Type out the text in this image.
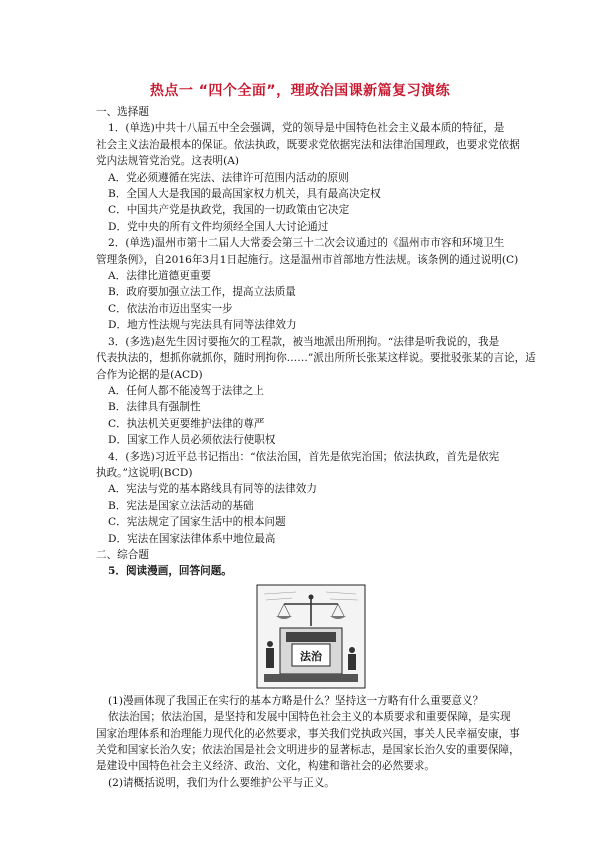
热点一 “四个全面”，理政治国课新篇复习演练
一、选择题
1．(单选)中共十八届五中全会强调，党的领导是中国特色社会主义最本质的特征，是
社会主义法治最根本的保证。依法执政，既要求党依据宪法和法律治国理政，也要求党依据
党内法规管党治党。这表明(A)
A．党必须遵循在宪法、法律许可范围内活动的原则
B．全国人大是我国的最高国家权力机关，具有最高决定权
C．中国共产党是执政党，我国的一切政策由它决定
D．党中央的所有文件均须经全国人大讨论通过
2．(单选)温州市第十二届人大常委会第三十二次会议通过的《温州市市容和环境卫生
管理条例》，自2016年3月1日起施行。这是温州市首部地方性法规。该条例的通过说明(C)
A．法律比道德更重要
B．政府要加强立法工作，提高立法质量
C．依法治市迈出坚实一步
D．地方性法规与宪法具有同等法律效力
3．(多选)赵先生因讨要拖欠的工程款，被当地派出所刑拘。“法律是听我说的，我是
代表执法的，想抓你就抓你，随时刑拘你……”派出所所长张某这样说。要批驳张某的言论，适
合作为论据的是(ACD)
A．任何人都不能凌驾于法律之上
B．法律具有强制性
C．执法机关更要维护法律的尊严
D．国家工作人员必须依法行使职权
4．(多选)习近平总书记指出：“依法治国，首先是依宪治国；依法执政，首先是依宪
执政。”这说明(BCD)
A．宪法与党的基本路线具有同等的法律效力
B．宪法是国家立法活动的基础
C．宪法规定了国家生活中的根本问题
D．宪法在国家法律体系中地位最高
二、综合题
5．阅读漫画，回答问题。
法治
(1)漫画体现了我国正在实行的基本方略是什么？坚持这一方略有什么重要意义？
依法治国；依法治国，是坚持和发展中国特色社会主义的本质要求和重要保障，是实现
国家治理体系和治理能力现代化的必然要求，事关我们党执政兴国，事关人民幸福安康，事
关党和国家长治久安；依法治国是社会文明进步的显著标志，是国家长治久安的重要保障，
是建设中国特色社会主义经济、政治、文化，构建和谐社会的必然要求。
(2)请概括说明，我们为什么要维护公平与正义。
